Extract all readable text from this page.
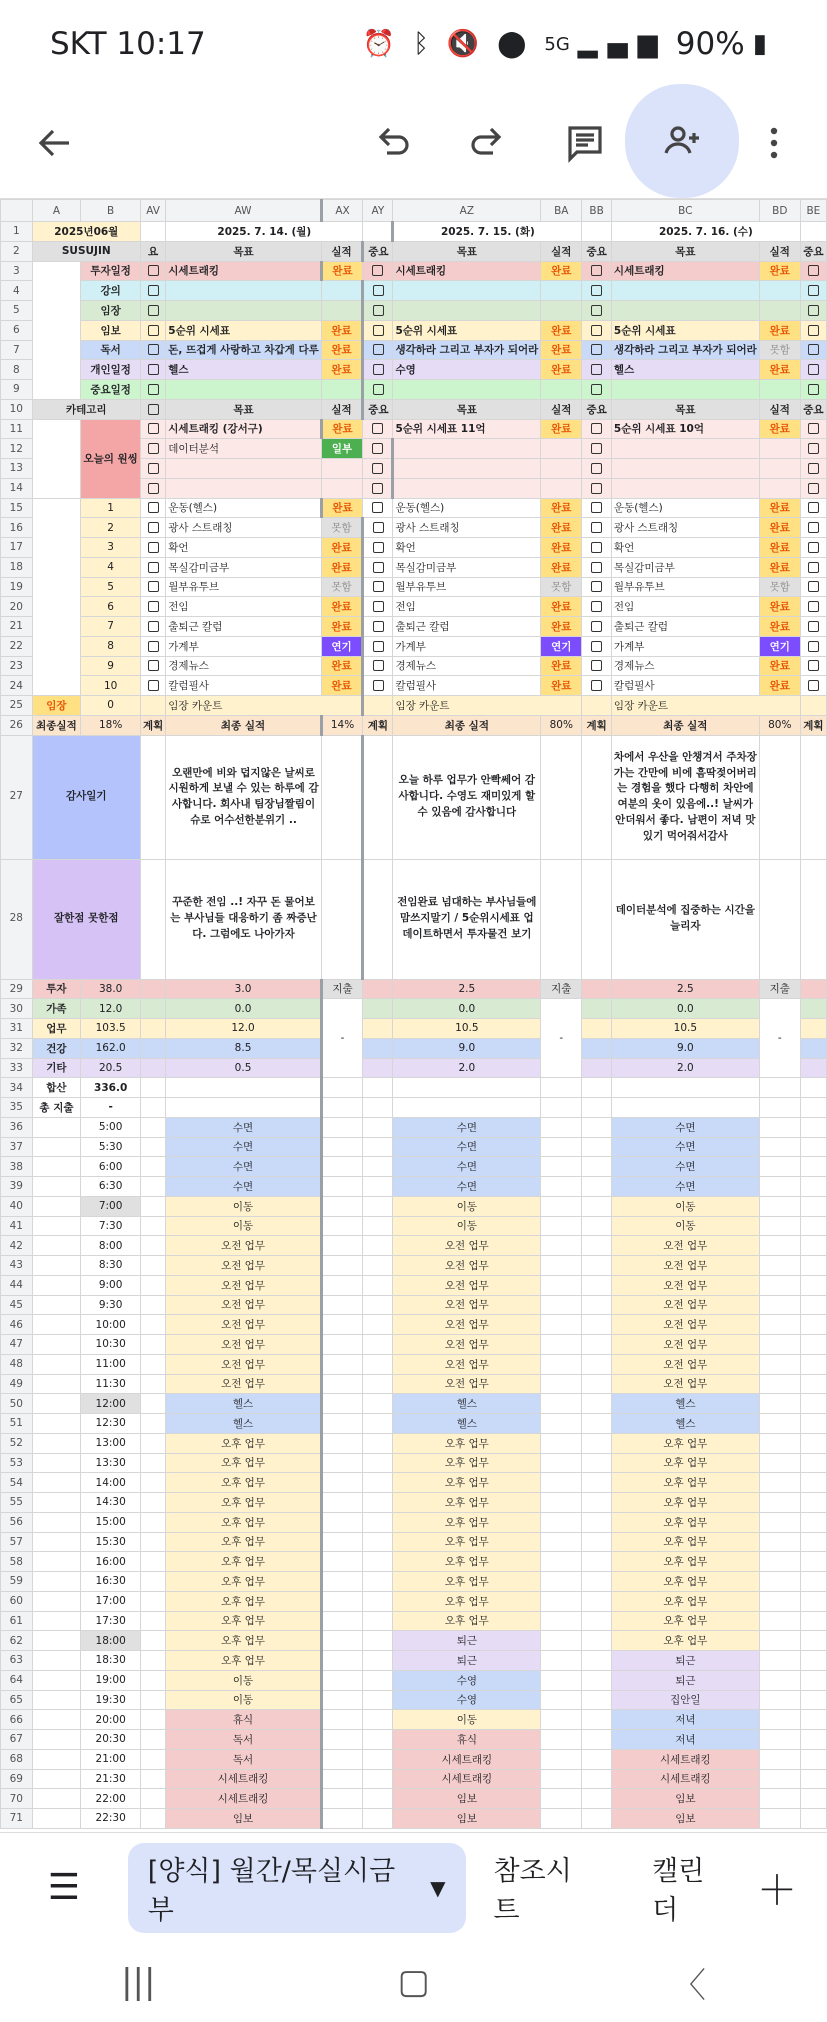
SKT 10:17	⏰ ᛒ 🔇 ⬤ 5G ▂▄▆ 90% ▮
	A	B	AV	AW	AX	AY	AZ	BA	BB	BC	BD	BE
1	2025년06월			2025. 7. 14. (월)			2025. 7. 15. (화)			2025. 7. 16. (수)		
2	SUSUJIN		요	목표	실적	중요	목표	실적	중요	목표	실적	중요
3		투자일정		시세트래킹	완료		시세트래킹	완료		시세트래킹	완료	
4		강의										
5		임장										
6		임보		5순위 시세표	완료		5순위 시세표	완료		5순위 시세표	완료	
7		독서		돈, 뜨겁게 사랑하고 차갑게 다루	완료		생각하라 그리고 부자가 되어라	완료		생각하라 그리고 부자가 되어라	못함	
8		개인일정		헬스	완료		수영	완료		헬스	완료	
9		중요일정										
10	카테고리			목표	실적	중요	목표	실적	중요	목표	실적	중요
11		오늘의 원씽		시세트래킹 (강서구)	완료		5순위 시세표 11억	완료		5순위 시세표 10억	완료	
12				데이터분석	일부							
13												
14												
15		1		운동(헬스)	완료		운동(헬스)	완료		운동(헬스)	완료	
16		2		광사 스트래칭	못함		광사 스트래칭	완료		광사 스트래칭	완료	
17		3		확언	완료		확언	완료		확언	완료	
18		4		목실감미금부	완료		목실감미금부	완료		목실감미금부	완료	
19		5		월부유투브	못함		월부유투브	못함		월부유투브	못함	
20		6		전임	완료		전임	완료		전임	완료	
21		7		출퇴근 칼럼	완료		출퇴근 칼럼	완료		출퇴근 칼럼	완료	
22		8		가계부	연기		가계부	연기		가계부	연기	
23		9		경제뉴스	완료		경제뉴스	완료		경제뉴스	완료	
24		10		칼럼필사	완료		칼럼필사	완료		칼럼필사	완료	
25	임장	0		임장 카운트			임장 카운트			임장 카운트		
26	최종실적	18%	계획	최종 실적	14%	계획	최종 실적	80%	계획	최종 실적	80%	계획
27	감사일기			오랜만에 비와 덥지않은 날씨로 시원하게 보낼 수 있는 하루에 감사합니다. 회사내 팀장님짤림이슈로 어수선한분위기 ..			오늘 하루 업무가 안빡쎄어 감사합니다. 수영도 재미있게 할 수 있음에 감사합니다			차에서 우산을 안챙겨서 주차장가는 간만에 비에 흠딱젖어버리는 경험을 했다 다행히 차안에 여분의 옷이 있음에..! 날씨가 안더워서 좋다. 남편이 저녁 맛있기 먹어줘서감사		
28	잘한점 못한점			꾸준한 전임 ..! 자꾸 돈 물어보는 부사님들 대응하기 좀 짜증난다. 그럼에도 나아가자			전임완료 넘대하는 부사님들에 맘쓰지말기 / 5순위시세표 업데이트하면서 투자물건 보기			데이터분석에 집중하는 시간을 늘리자		
29	투자	38.0		3.0	지출		2.5	지출		2.5	지출	
30	가족	12.0		0.0	-		0.0	-		0.0	-	
31	업무	103.5		12.0			10.5			10.5		
32	건강	162.0		8.5			9.0			9.0		
33	기타	20.5		0.5			2.0			2.0		
34	합산	336.0										
35	총 지출	-										
36		5:00		수면			수면			수면		
37		5:30		수면			수면			수면		
38		6:00		수면			수면			수면		
39		6:30		수면			수면			수면		
40		7:00		이동			이동			이동		
41		7:30		이동			이동			이동		
42		8:00		오전 업무			오전 업무			오전 업무		
43		8:30		오전 업무			오전 업무			오전 업무		
44		9:00		오전 업무			오전 업무			오전 업무		
45		9:30		오전 업무			오전 업무			오전 업무		
46		10:00		오전 업무			오전 업무			오전 업무		
47		10:30		오전 업무			오전 업무			오전 업무		
48		11:00		오전 업무			오전 업무			오전 업무		
49		11:30		오전 업무			오전 업무			오전 업무		
50		12:00		헬스			헬스			헬스		
51		12:30		헬스			헬스			헬스		
52		13:00		오후 업무			오후 업무			오후 업무		
53		13:30		오후 업무			오후 업무			오후 업무		
54		14:00		오후 업무			오후 업무			오후 업무		
55		14:30		오후 업무			오후 업무			오후 업무		
56		15:00		오후 업무			오후 업무			오후 업무		
57		15:30		오후 업무			오후 업무			오후 업무		
58		16:00		오후 업무			오후 업무			오후 업무		
59		16:30		오후 업무			오후 업무			오후 업무		
60		17:00		오후 업무			오후 업무			오후 업무		
61		17:30		오후 업무			오후 업무			오후 업무		
62		18:00		오후 업무			퇴근			오후 업무		
63		18:30		오후 업무			퇴근			퇴근		
64		19:00		이동			수영			퇴근		
65		19:30		이동			수영			집안일		
66		20:00		휴식			이동			저녁		
67		20:30		독서			휴식			저녁		
68		21:00		독서			시세트래킹			시세트래킹		
69		21:30		시세트래킹			시세트래킹			시세트래킹		
70		22:00		시세트래킹			임보			임보		
71		22:30		임보			임보			임보		
☰	[양식] 월간/목실시금부
▼
참조시트
캘린더	＋
|||	▢	〈
